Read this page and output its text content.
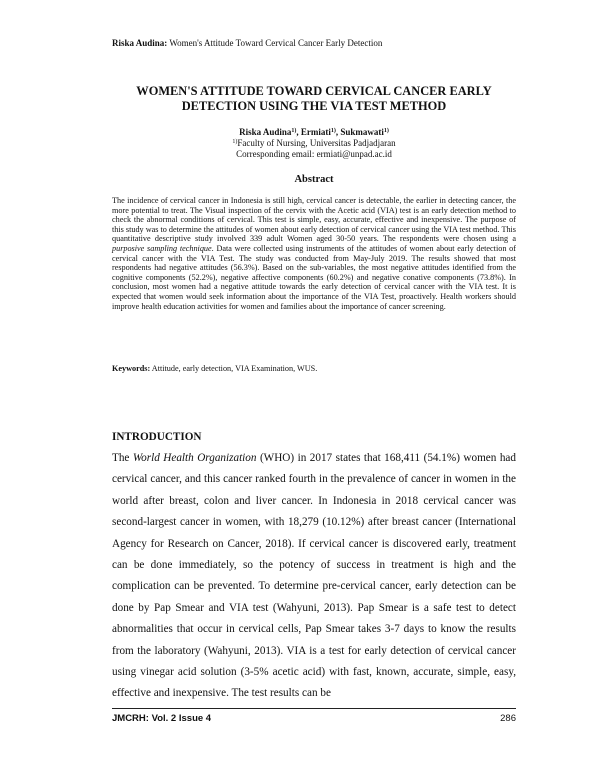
Riska Audina: Women's Attitude Toward Cervical Cancer Early Detection
WOMEN'S ATTITUDE TOWARD CERVICAL CANCER EARLY DETECTION USING THE VIA TEST METHOD
Riska Audina$^{1)}$, Ermiati$^{1)}$, Sukmawati$^{1)}$
$^{1)}$Faculty of Nursing, Universitas Padjadjaran
Corresponding email: ermiati@unpad.ac.id
Abstract

The incidence of cervical cancer in Indonesia is still high, cervical cancer is detectable, the earlier in detecting cancer, the more potential to treat. The Visual inspection of the cervix with the Acetic acid (VIA) test is an early detection method to check the abnormal conditions of cervical. This test is simple, easy, accurate, effective and inexpensive. The purpose of this study was to determine the attitudes of women about early detection of cervical cancer using the VIA test method. This quantitative descriptive study involved 339 adult Women aged 30-50 years. The respondents were chosen using a purposive sampling technique. Data were collected using instruments of the attitudes of women about early detection of cervical cancer with the VIA Test. The study was conducted from May-July 2019. The results showed that most respondents had negative attitudes (56.3%). Based on the sub-variables, the most negative attitudes identified from the cognitive components (52.2%), negative affective components (60.2%) and negative conative components (73.8%). In conclusion, most women had a negative attitude towards the early detection of cervical cancer with the VIA test. It is expected that women would seek information about the importance of the VIA Test, proactively. Health workers should improve health education activities for women and families about the importance of cancer screening.

Keywords: Attitude, early detection, VIA Examination, WUS.

INTRODUCTION

The World Health Organization (WHO) in 2017 states that 168,411 (54.1%) women had cervical cancer, and this cancer ranked fourth in the prevalence of cancer in women in the world after breast, colon and liver cancer. In Indonesia in 2018 cervical cancer was second-largest cancer in women, with 18,279 (10.12%) after breast cancer (International Agency for Research on Cancer, 2018). If cervical cancer is discovered early, treatment can be done immediately, so the potency of success in treatment is high and the complication can be prevented. To determine pre-cervical cancer, early detection can be done by Pap Smear and VIA test (Wahyuni, 2013). Pap Smear is a safe test to detect abnormalities that occur in cervical cells, Pap Smear takes 3-7 days to know the results from the laboratory (Wahyuni, 2013). VIA is a test for early detection of cervical cancer using vinegar acid solution (3-5% acetic acid) with fast, known, accurate, simple, easy, effective and inexpensive. The test results can be

JMCRH: Vol. 2 Issue 4	286
